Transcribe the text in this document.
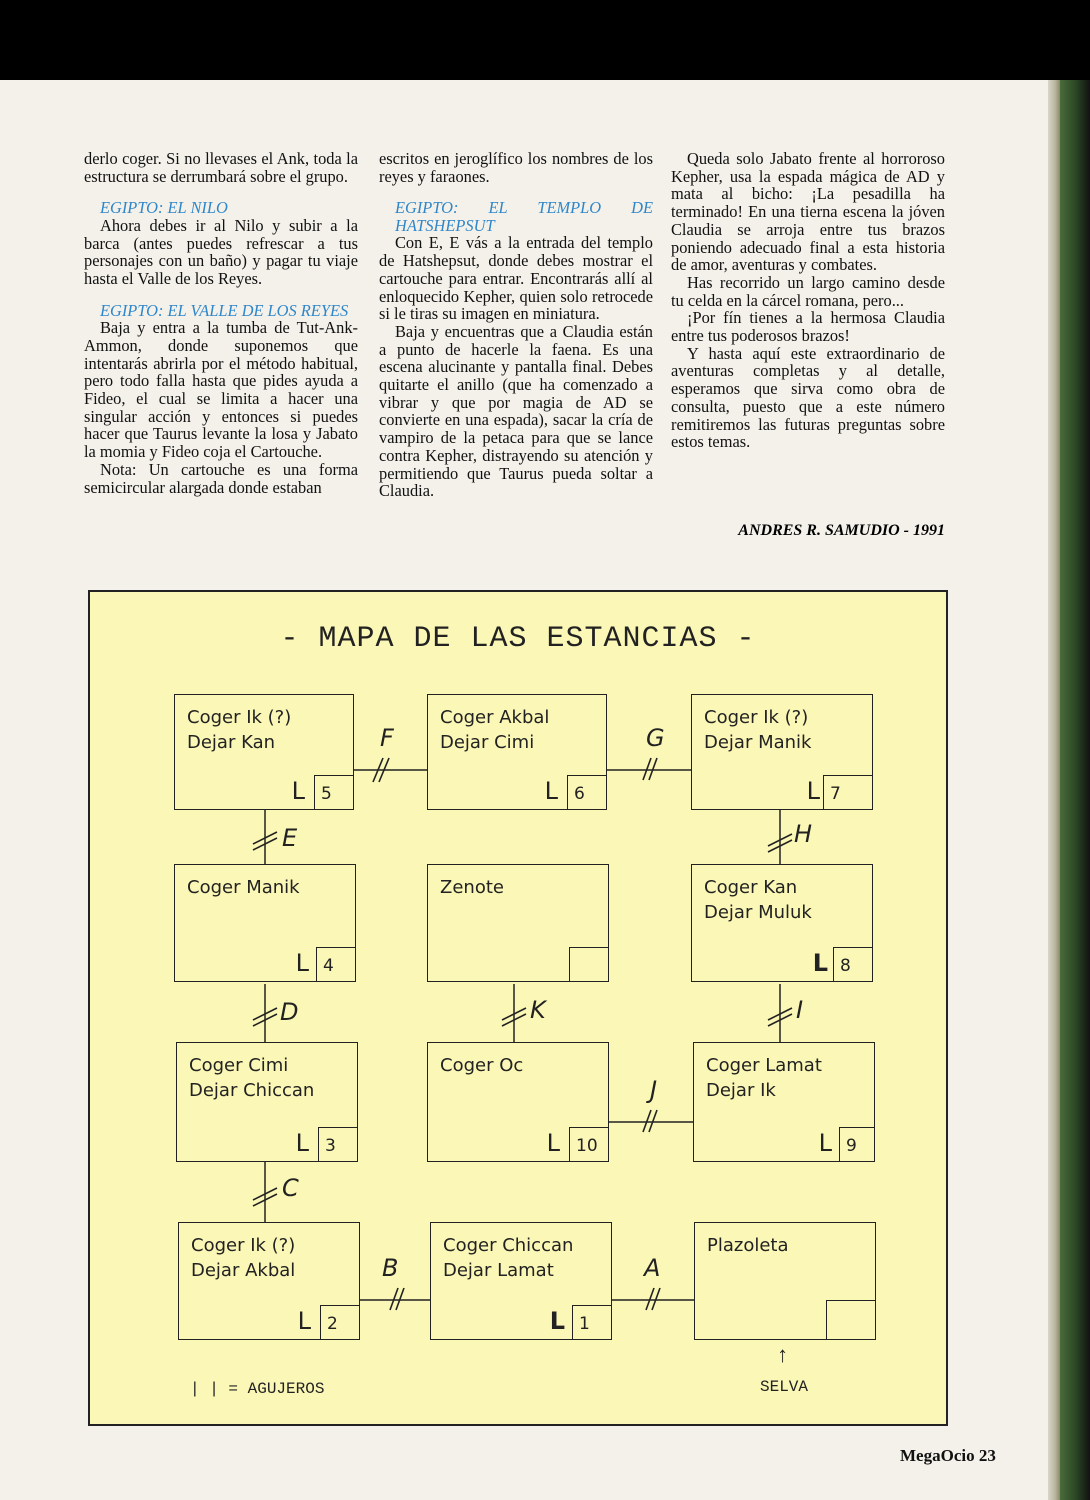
derlo coger. Si no llevases el Ank, toda la estructura se derrumbará sobre el grupo.

EGIPTO: EL NILO

Ahora debes ir al Nilo y subir a la barca (antes puedes refrescar a tus personajes con un baño) y pagar tu viaje hasta el Valle de los Reyes.

EGIPTO: EL VALLE DE LOS REYES

Baja y entra a la tumba de Tut-Ank-Ammon, donde suponemos que intentarás abrirla por el método habitual, pero todo falla hasta que pides ayuda a Fideo, el cual se limita a hacer una singular acción y entonces si puedes hacer que Taurus levante la losa y Jabato la momia y Fideo coja el Cartouche.

Nota: Un cartouche es una forma semicircular alargada donde estaban

escritos en jeroglífico los nombres de los reyes y faraones.

EGIPTO: EL TEMPLO DE HATSHEPSUT

Con E, E vás a la entrada del templo de Hatshepsut, donde debes mostrar el cartouche para entrar. Encontrarás allí al enloquecido Kepher, quien solo retrocede si le tiras su imagen en miniatura.

Baja y encuentras que a Claudia están a punto de hacerle la faena. Es una escena alucinante y pantalla final. Debes quitarte el anillo (que ha comenzado a vibrar y que por magia de AD se convierte en una espada), sacar la cría de vampiro de la petaca para que se lance contra Kepher, distrayendo su atención y permitiendo que Taurus pueda soltar a Claudia.

Queda solo Jabato frente al horroroso Kepher, usa la espada mágica de AD y mata al bicho: ¡La pesadilla ha terminado! En una tierna escena la jóven Claudia se arroja entre tus brazos poniendo adecuado final a esta historia de amor, aventuras y combates.

Has recorrido un largo camino desde tu celda en la cárcel romana, pero...

¡Por fín tienes a la hermosa Claudia entre tus poderosos brazos!

Y hasta aquí este extraordinario de aventuras completas y al detalle, esperamos que sirva como obra de consulta, puesto que a este número remitiremos las futuras preguntas sobre estos temas.

ANDRES R. SAMUDIO - 1991
- MAPA DE LAS ESTANCIAS -
Coger Ik (?)
Dejar Kan
L 5
Coger Akbal
Dejar Cimi
L 6
Coger Ik (?)
Dejar Manik
L 7
Coger Manik
L 4
Zenote	Coger Kan
Dejar Muluk
L 8
Coger Cimi
Dejar Chiccan
L 3
Coger Oc
L 10
Coger Lamat
Dejar Ik
L 9
Coger Ik (?)
Dejar Akbal
L 2
Coger Chiccan
Dejar Lamat
L 1
Plazoleta
F	G
E	H
D	K	I
J
C
B	A
| | = AGUJEROS
↑
SELVA
MegaOcio 23
